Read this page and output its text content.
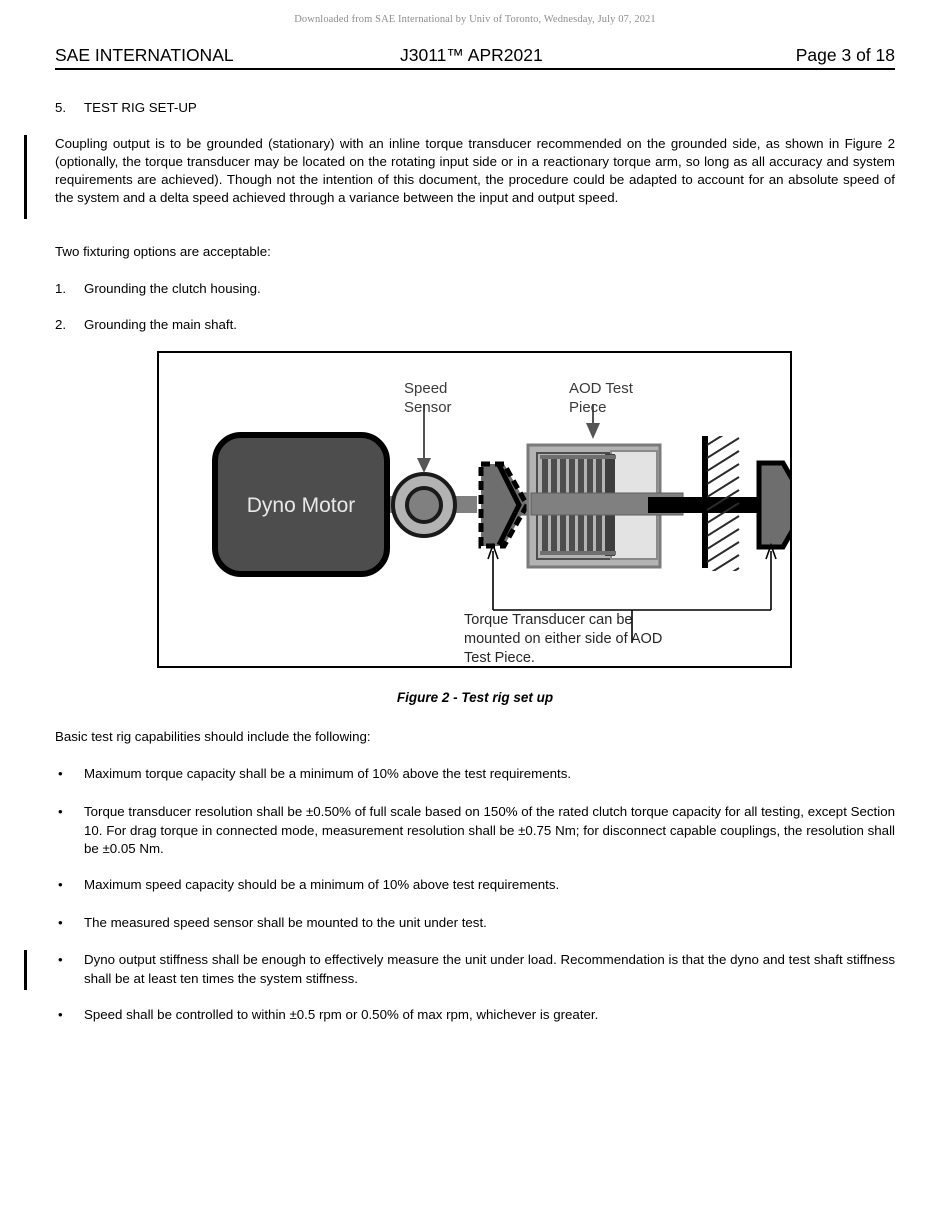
Downloaded from SAE International by Univ of Toronto, Wednesday, July 07, 2021
SAE INTERNATIONAL	J3011™ APR2021	Page 3 of 18
5. TEST RIG SET-UP
Coupling output is to be grounded (stationary) with an inline torque transducer recommended on the grounded side, as shown in Figure 2 (optionally, the torque transducer may be located on the rotating input side or in a reactionary torque arm, so long as all accuracy and system requirements are achieved). Though not the intention of this document, the procedure could be adapted to account for an absolute speed of the system and a delta speed achieved through a variance between the input and output speed.
Two fixturing options are acceptable:
1. Grounding the clutch housing.
2. Grounding the main shaft.
Dyno Motor
Speed
Sensor
AOD Test
Piece
Torque Transducer can be
mounted on either side of AOD
Test Piece.
Figure 2 - Test rig set up
Basic test rig capabilities should include the following:
• Maximum torque capacity shall be a minimum of 10% above the test requirements.
• Torque transducer resolution shall be ±0.50% of full scale based on 150% of the rated clutch torque capacity for all testing, except Section 10. For drag torque in connected mode, measurement resolution shall be ±0.75 Nm; for disconnect capable couplings, the resolution shall be ±0.05 Nm.
• Maximum speed capacity should be a minimum of 10% above test requirements.
• The measured speed sensor shall be mounted to the unit under test.
• Dyno output stiffness shall be enough to effectively measure the unit under load. Recommendation is that the dyno and test shaft stiffness shall be at least ten times the system stiffness.
• Speed shall be controlled to within ±0.5 rpm or 0.50% of max rpm, whichever is greater.
